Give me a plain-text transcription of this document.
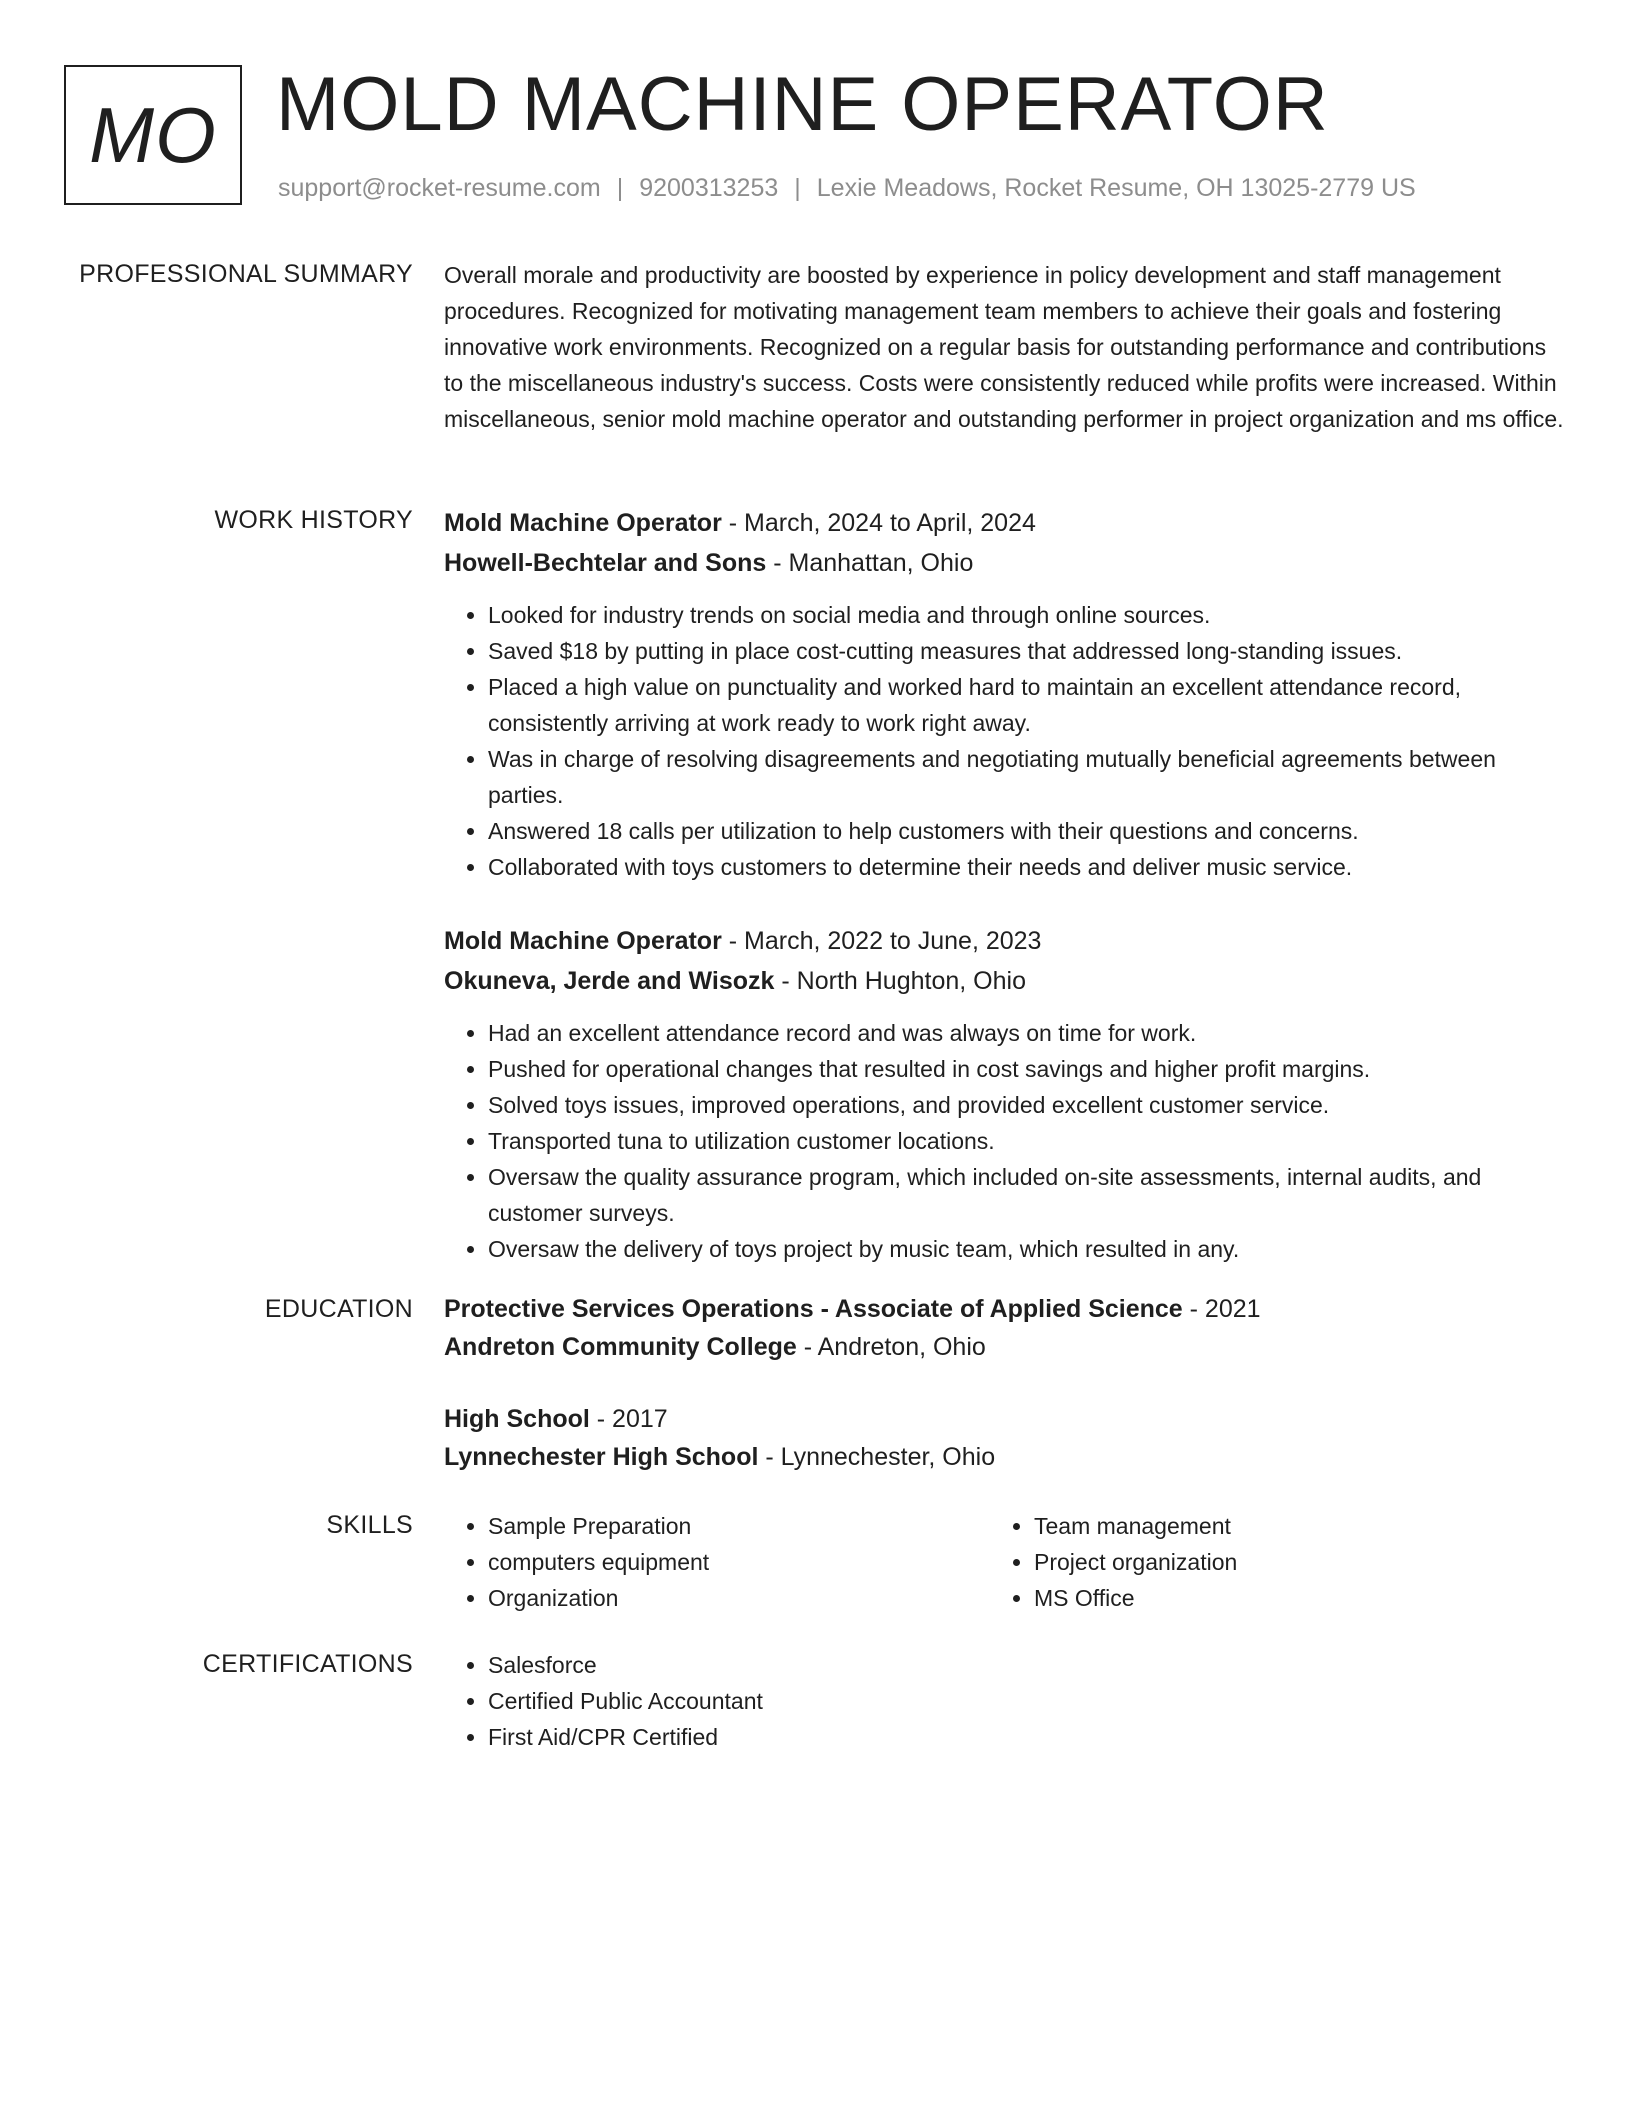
MO MOLD MACHINE OPERATOR
support@rocket-resume.com | 9200313253 | Lexie Meadows, Rocket Resume, OH 13025-2779 US
PROFESSIONAL SUMMARY Overall morale and productivity are boosted by experience in policy development and staff management procedures. Recognized for motivating management team members to achieve their goals and fostering innovative work environments. Recognized on a regular basis for outstanding performance and contributions to the miscellaneous industry's success. Costs were consistently reduced while profits were increased. Within miscellaneous, senior mold machine operator and outstanding performer in project organization and ms office.

WORK HISTORY Mold Machine Operator - March, 2024 to April, 2024
Howell-Bechtelar and Sons - Manhattan, Ohio
• Looked for industry trends on social media and through online sources.
• Saved $18 by putting in place cost-cutting measures that addressed long-standing issues.
• Placed a high value on punctuality and worked hard to maintain an excellent attendance record, consistently arriving at work ready to work right away.
• Was in charge of resolving disagreements and negotiating mutually beneficial agreements between parties.
• Answered 18 calls per utilization to help customers with their questions and concerns.
• Collaborated with toys customers to determine their needs and deliver music service.
Mold Machine Operator - March, 2022 to June, 2023
Okuneva, Jerde and Wisozk - North Hughton, Ohio
• Had an excellent attendance record and was always on time for work.
• Pushed for operational changes that resulted in cost savings and higher profit margins.
• Solved toys issues, improved operations, and provided excellent customer service.
• Transported tuna to utilization customer locations.
• Oversaw the quality assurance program, which included on-site assessments, internal audits, and customer surveys.
• Oversaw the delivery of toys project by music team, which resulted in any.
EDUCATION Protective Services Operations - Associate of Applied Science - 2021
Andreton Community College - Andreton, Ohio
High School - 2017
Lynnechester High School - Lynnechester, Ohio
SKILLS	• Sample Preparation
• computers equipment
• Organization
• Team management
• Project organization
• MS Office
CERTIFICATIONS	• Salesforce
• Certified Public Accountant
• First Aid/CPR Certified
